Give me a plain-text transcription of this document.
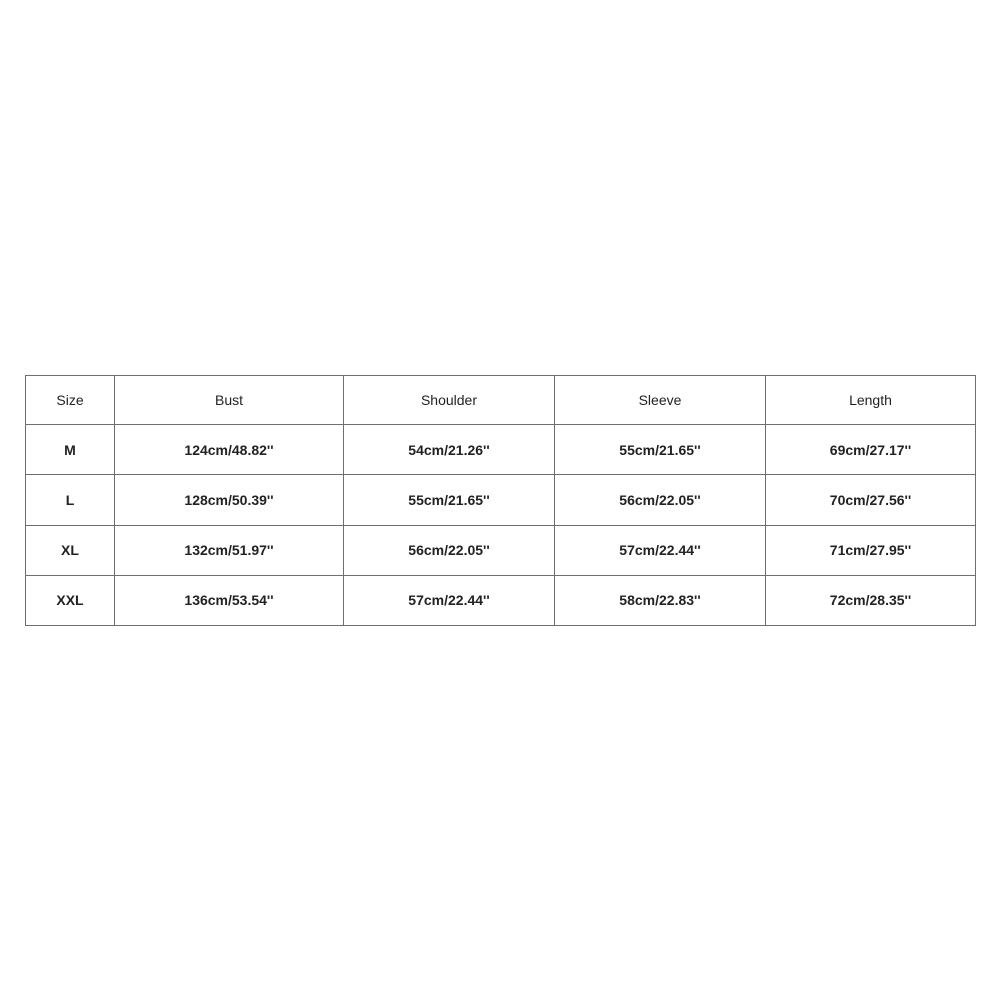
Size	Bust	Shoulder	Sleeve	Length
M	124cm/48.82''	54cm/21.26''	55cm/21.65''	69cm/27.17''
L	128cm/50.39''	55cm/21.65''	56cm/22.05''	70cm/27.56''
XL	132cm/51.97''	56cm/22.05''	57cm/22.44''	71cm/27.95''
XXL	136cm/53.54''	57cm/22.44''	58cm/22.83''	72cm/28.35''
